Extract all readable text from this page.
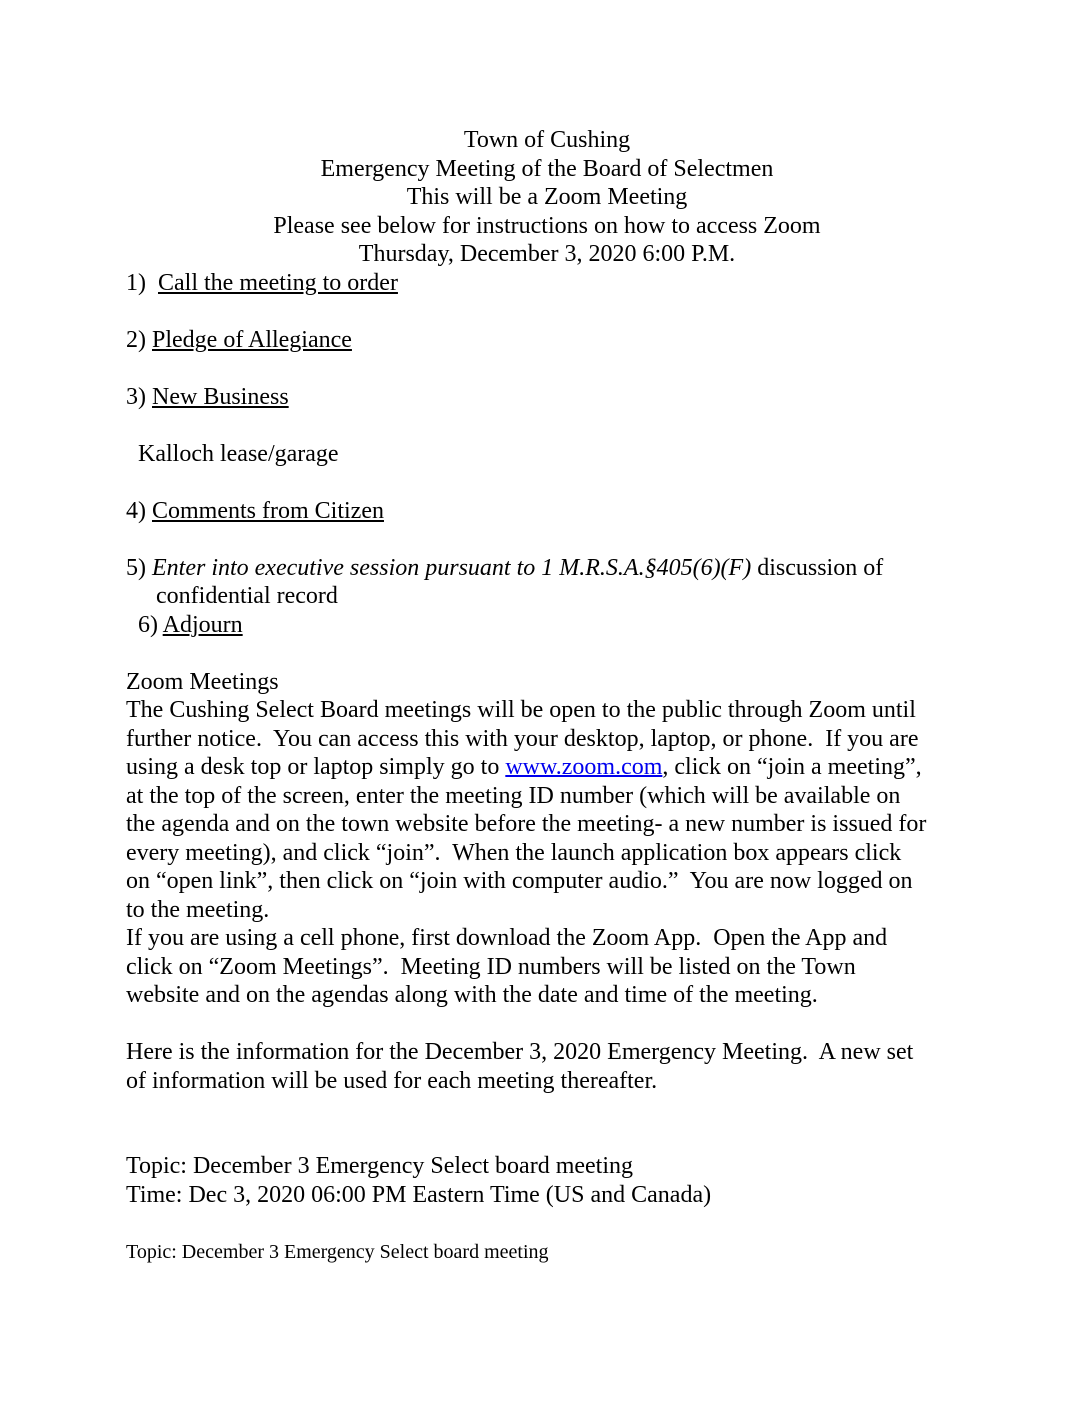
Town of Cushing
Emergency Meeting of the Board of Selectmen
This will be a Zoom Meeting
Please see below for instructions on how to access Zoom
Thursday, December 3, 2020 6:00 P.M.
1)  Call the meeting to order
2) Pledge of Allegiance
3) New Business
Kalloch lease/garage
4) Comments from Citizen
5) Enter into executive session pursuant to 1 M.R.S.A.§405(6)(F) discussion of
confidential record
6) Adjourn
Zoom Meetings
The Cushing Select Board meetings will be open to the public through Zoom until
further notice.  You can access this with your desktop, laptop, or phone.  If you are
using a desk top or laptop simply go to www.zoom.com, click on “join a meeting”,
at the top of the screen, enter the meeting ID number (which will be available on
the agenda and on the town website before the meeting- a new number is issued for
every meeting), and click “join”.  When the launch application box appears click
on “open link”, then click on “join with computer audio.”  You are now logged on
to the meeting.
If you are using a cell phone, first download the Zoom App.  Open the App and
click on “Zoom Meetings”.  Meeting ID numbers will be listed on the Town
website and on the agendas along with the date and time of the meeting.
Here is the information for the December 3, 2020 Emergency Meeting.  A new set
of information will be used for each meeting thereafter.
Topic: December 3 Emergency Select board meeting
Time: Dec 3, 2020 06:00 PM Eastern Time (US and Canada)
Topic: December 3 Emergency Select board meeting
